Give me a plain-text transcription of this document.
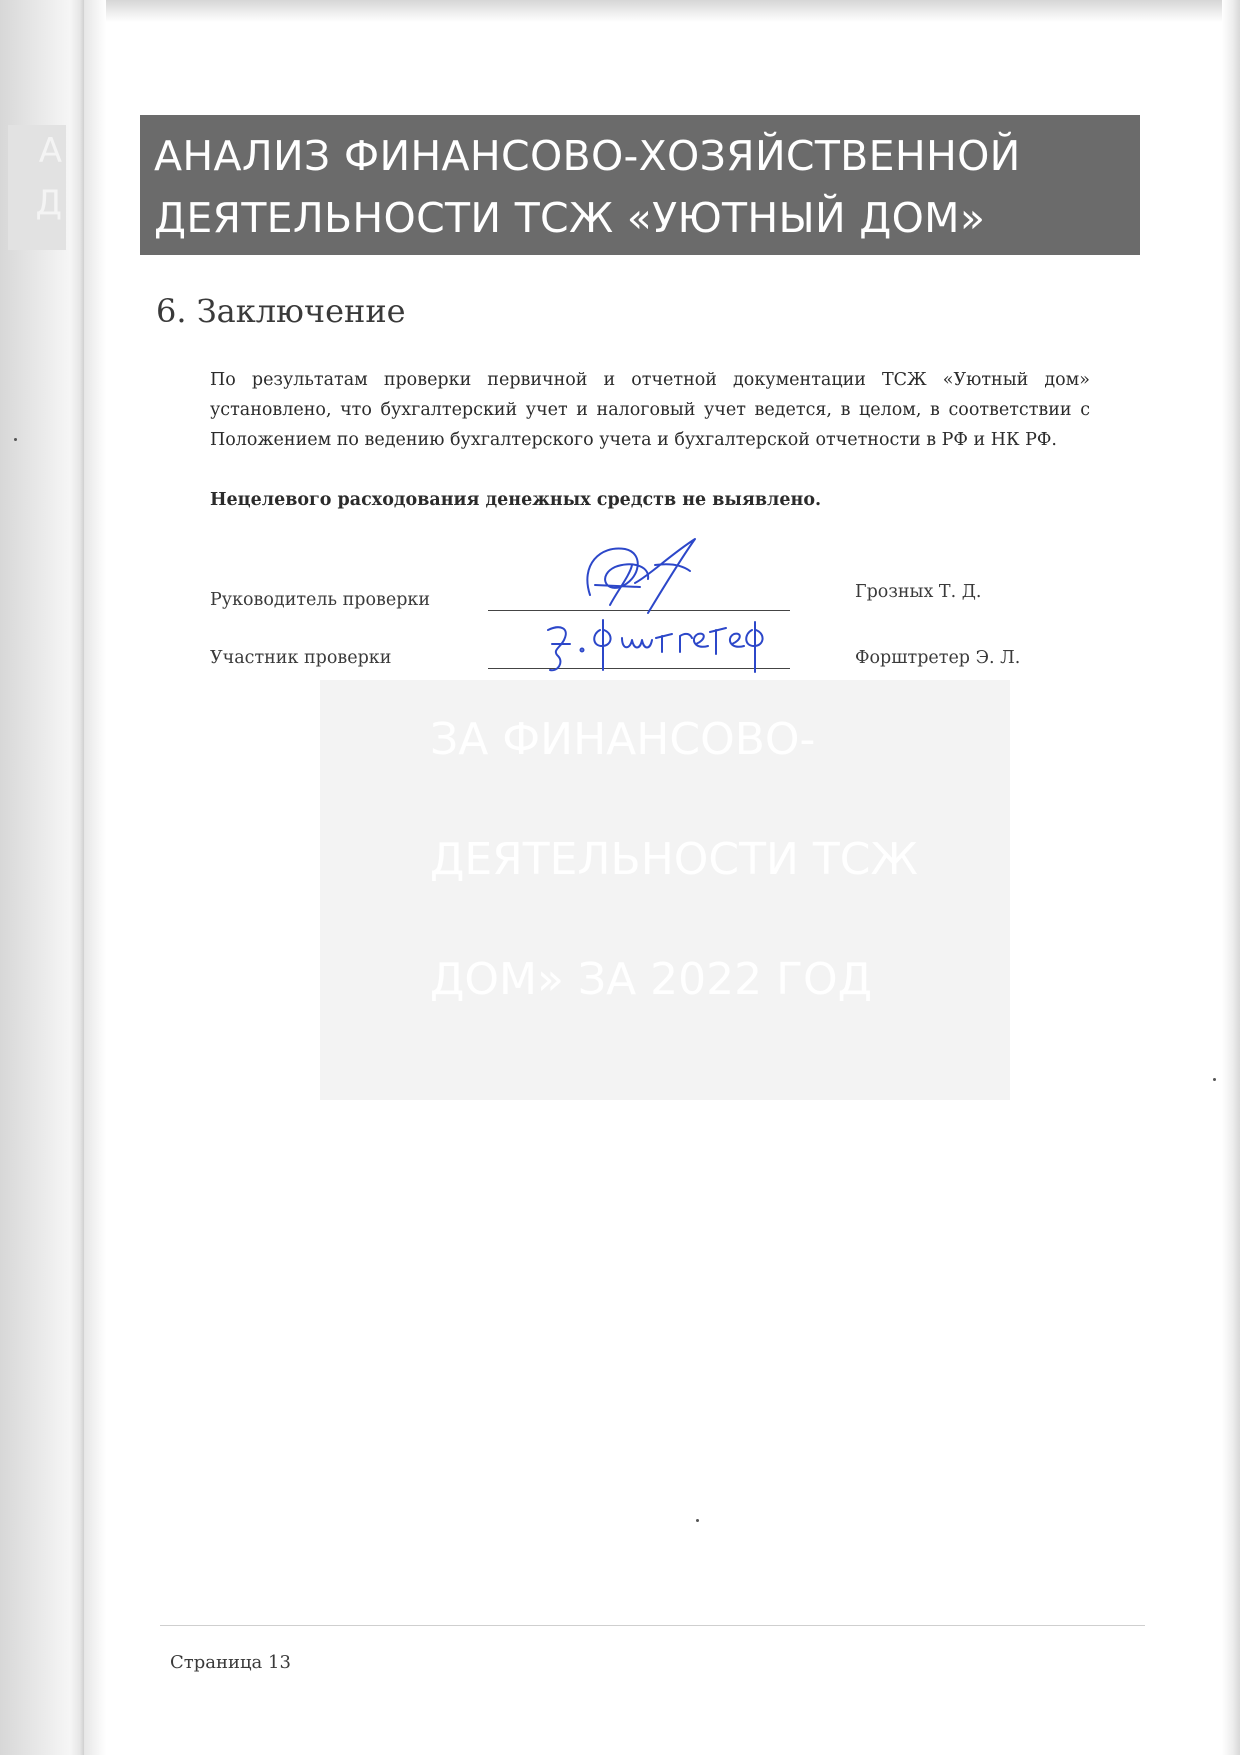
А
Д
АНАЛИЗ ФИНАНСОВО-ХОЗЯЙСТВЕННОЙ
ДЕЯТЕЛЬНОСТИ ТСЖ «УЮТНЫЙ ДОМ»
6. Заключение

По результатам проверки первичной и отчетной документации ТСЖ «Уютный дом» установлено, что бухгалтерский учет и налоговый учет ведется, в целом, в соответствии с Положением по ведению бухгалтерского учета и бухгалтерской отчетности в РФ и НК РФ.

Нецелевого расходования денежных средств не выявлено.

Руководитель проверки	Грозных Т. Д.
Участник проверки	Форштретер Э. Л.
ЗА ФИНАНСОВО-
ДЕЯТЕЛЬНОСТИ ТСЖ
ДОМ» ЗА 2022 ГОД
Страница 13
